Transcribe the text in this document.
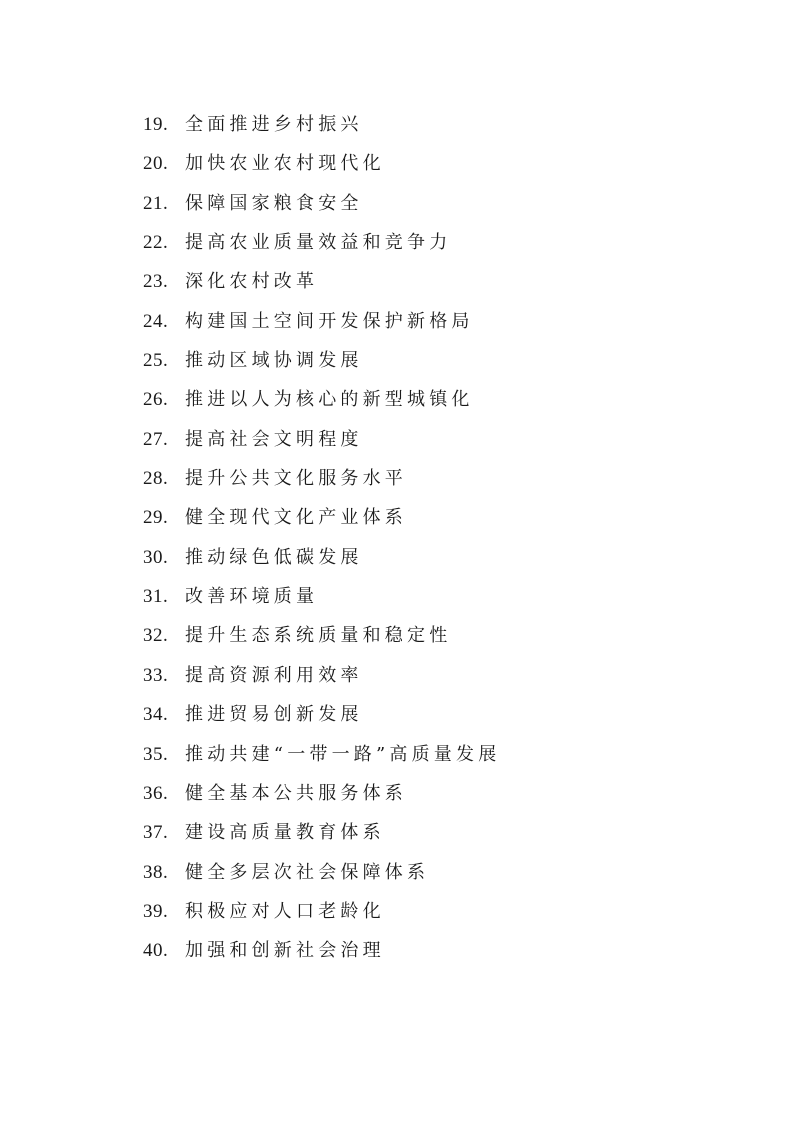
19. 全面推进乡村振兴
20. 加快农业农村现代化
21. 保障国家粮食安全
22. 提高农业质量效益和竞争力
23. 深化农村改革
24. 构建国土空间开发保护新格局
25. 推动区域协调发展
26. 推进以人为核心的新型城镇化
27. 提高社会文明程度
28. 提升公共文化服务水平
29. 健全现代文化产业体系
30. 推动绿色低碳发展
31. 改善环境质量
32. 提升生态系统质量和稳定性
33. 提高资源利用效率
34. 推进贸易创新发展
35. 推动共建“一带一路”高质量发展
36. 健全基本公共服务体系
37. 建设高质量教育体系
38. 健全多层次社会保障体系
39. 积极应对人口老龄化
40. 加强和创新社会治理
